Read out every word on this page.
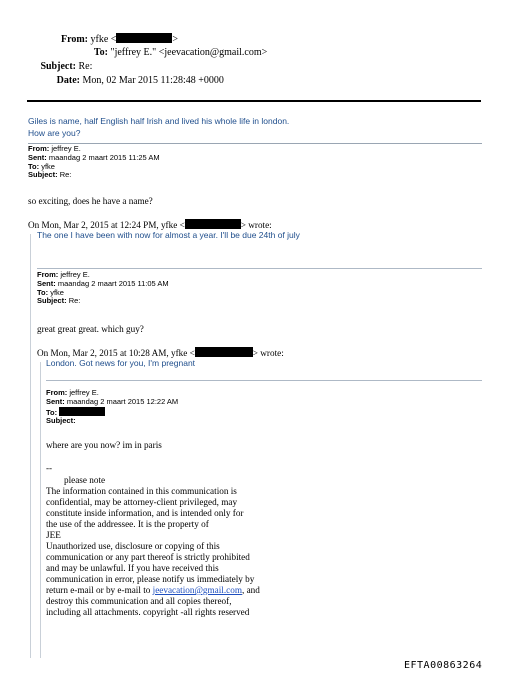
From: yfke <	>
To: "jeffrey E." <jeevacation@gmail.com>
Subject: Re:
Date: Mon, 02 Mar 2015 11:28:48 +0000
Giles is name, half English half Irish and lived his whole life in london.
How are you?
From: jeffrey E.
Sent: maandag 2 maart 2015 11:25 AM
To: yfke
Subject: Re:
so exciting, does he have a name?
On Mon, Mar 2, 2015 at 12:24 PM, yfke <	> wrote:
The one I have been with now for almost a year. I'll be due 24th of july
From: jeffrey E.
Sent: maandag 2 maart 2015 11:05 AM
To: yfke
Subject: Re:
great great great. which guy?
On Mon, Mar 2, 2015 at 10:28 AM, yfke <	> wrote:
London. Got news for you, I'm pregnant
From: jeffrey E.
Sent: maandag 2 maart 2015 12:22 AM
To:
Subject:
where are you now? im in paris
--
please note
The information contained in this communication is
confidential, may be attorney-client privileged, may
constitute inside information, and is intended only for
the use of the addressee. It is the property of
JEE
Unauthorized use, disclosure or copying of this
communication or any part thereof is strictly prohibited
and may be unlawful. If you have received this
communication in error, please notify us immediately by
return e-mail or by e-mail to jeevacation@gmail.com, and
destroy this communication and all copies thereof,
including all attachments. copyright -all rights reserved
EFTA00863264
